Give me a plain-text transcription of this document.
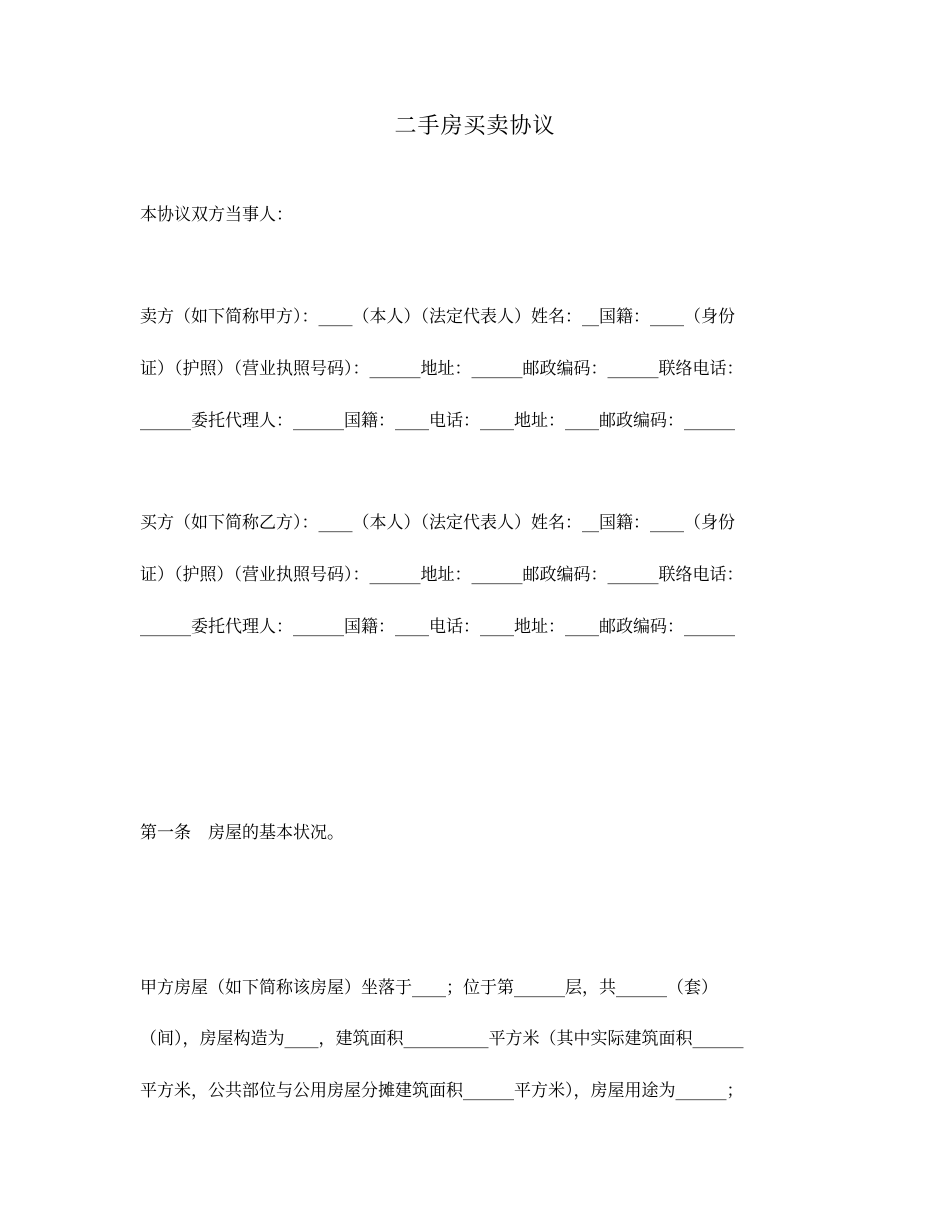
二手房买卖协议
本协议双方当事人：
卖方（如下简称甲方）：____（本人）（法定代表人）姓名：__国籍：____（身份
证）（护照）（营业执照号码）：______地址：______邮政编码：______联络电话：
______委托代理人：______国籍：____电话：____地址：____邮政编码：______
买方（如下简称乙方）：____（本人）（法定代表人）姓名：__国籍：____（身份
证）（护照）（营业执照号码）：______地址：______邮政编码：______联络电话：
______委托代理人：______国籍：____电话：____地址：____邮政编码：______
第一条　房屋的基本状况。
甲方房屋（如下简称该房屋）坐落于____；位于第______层，共______（套）
（间），房屋构造为____，建筑面积__________平方米（其中实际建筑面积______
平方米，公共部位与公用房屋分摊建筑面积______平方米），房屋用途为______；
